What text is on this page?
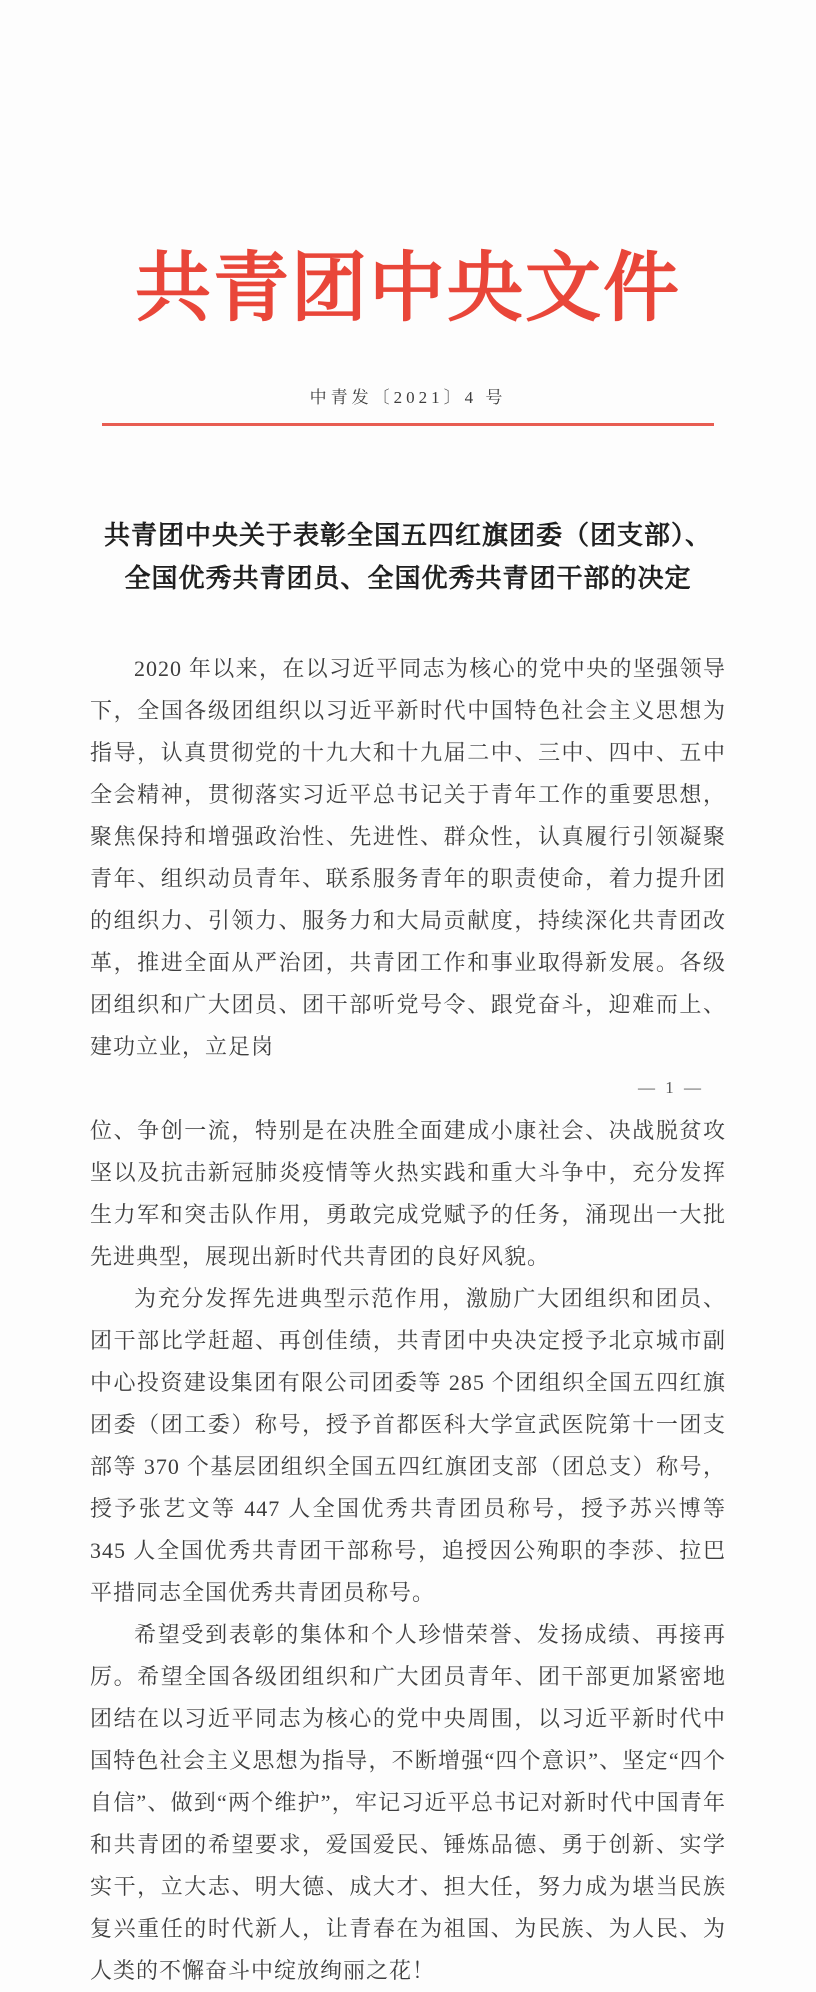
共青团中央文件
中青发〔2021〕4 号
共青团中央关于表彰全国五四红旗团委（团支部）、
全国优秀共青团员、全国优秀共青团干部的决定

2020 年以来，在以习近平同志为核心的党中央的坚强领导下，全国各级团组织以习近平新时代中国特色社会主义思想为指导，认真贯彻党的十九大和十九届二中、三中、四中、五中全会精神，贯彻落实习近平总书记关于青年工作的重要思想，聚焦保持和增强政治性、先进性、群众性，认真履行引领凝聚青年、组织动员青年、联系服务青年的职责使命，着力提升团的组织力、引领力、服务力和大局贡献度，持续深化共青团改革，推进全面从严治团，共青团工作和事业取得新发展。各级团组织和广大团员、团干部听党号令、跟党奋斗，迎难而上、建功立业，立足岗

— 1 —

位、争创一流，特别是在决胜全面建成小康社会、决战脱贫攻坚以及抗击新冠肺炎疫情等火热实践和重大斗争中，充分发挥生力军和突击队作用，勇敢完成党赋予的任务，涌现出一大批先进典型，展现出新时代共青团的良好风貌。

为充分发挥先进典型示范作用，激励广大团组织和团员、团干部比学赶超、再创佳绩，共青团中央决定授予北京城市副中心投资建设集团有限公司团委等 285 个团组织全国五四红旗团委（团工委）称号，授予首都医科大学宣武医院第十一团支部等 370 个基层团组织全国五四红旗团支部（团总支）称号，授予张艺文等 447 人全国优秀共青团员称号，授予苏兴博等 345 人全国优秀共青团干部称号，追授因公殉职的李莎、拉巴平措同志全国优秀共青团员称号。

希望受到表彰的集体和个人珍惜荣誉、发扬成绩、再接再厉。希望全国各级团组织和广大团员青年、团干部更加紧密地团结在以习近平同志为核心的党中央周围，以习近平新时代中国特色社会主义思想为指导，不断增强“四个意识”、坚定“四个自信”、做到“两个维护”，牢记习近平总书记对新时代中国青年和共青团的希望要求，爱国爱民、锤炼品德、勇于创新、实学实干，立大志、明大德、成大才、担大任，努力成为堪当民族复兴重任的时代新人，让青春在为祖国、为民族、为人民、为人类的不懈奋斗中绽放绚丽之花！
